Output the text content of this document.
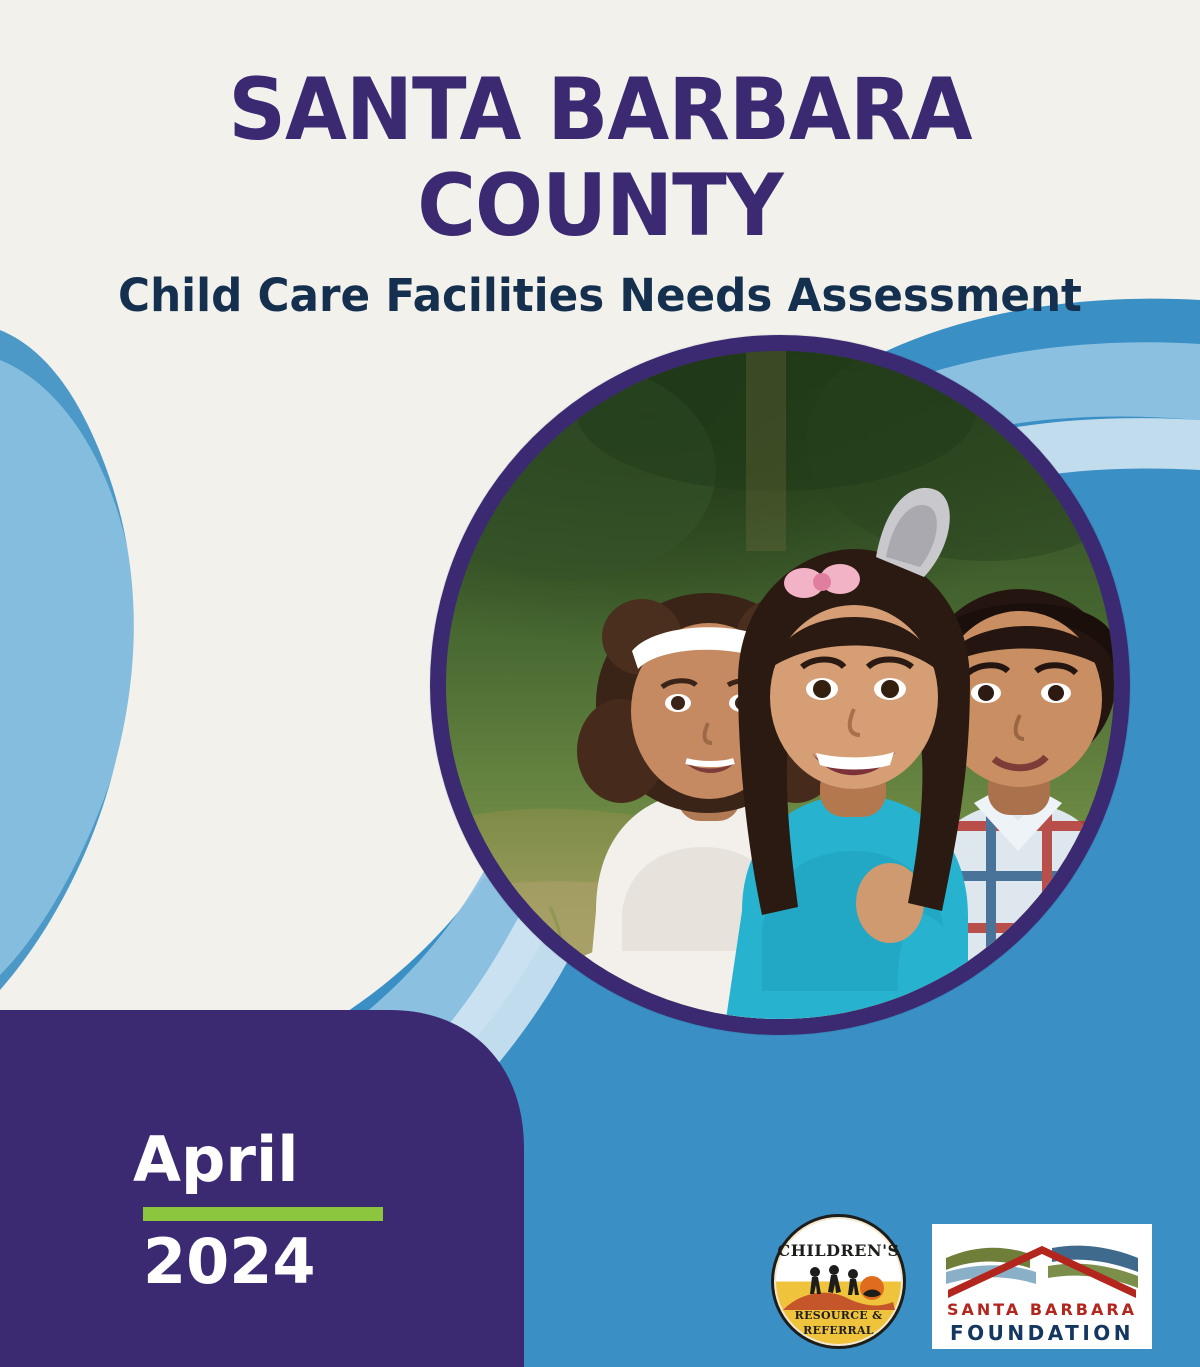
SANTA BARBARA COUNTY
Child Care Facilities Needs Assessment
April
2024	CHILDREN'S
RESOURCE &
REFERRAL
SANTA BARBARA
FOUNDATION
